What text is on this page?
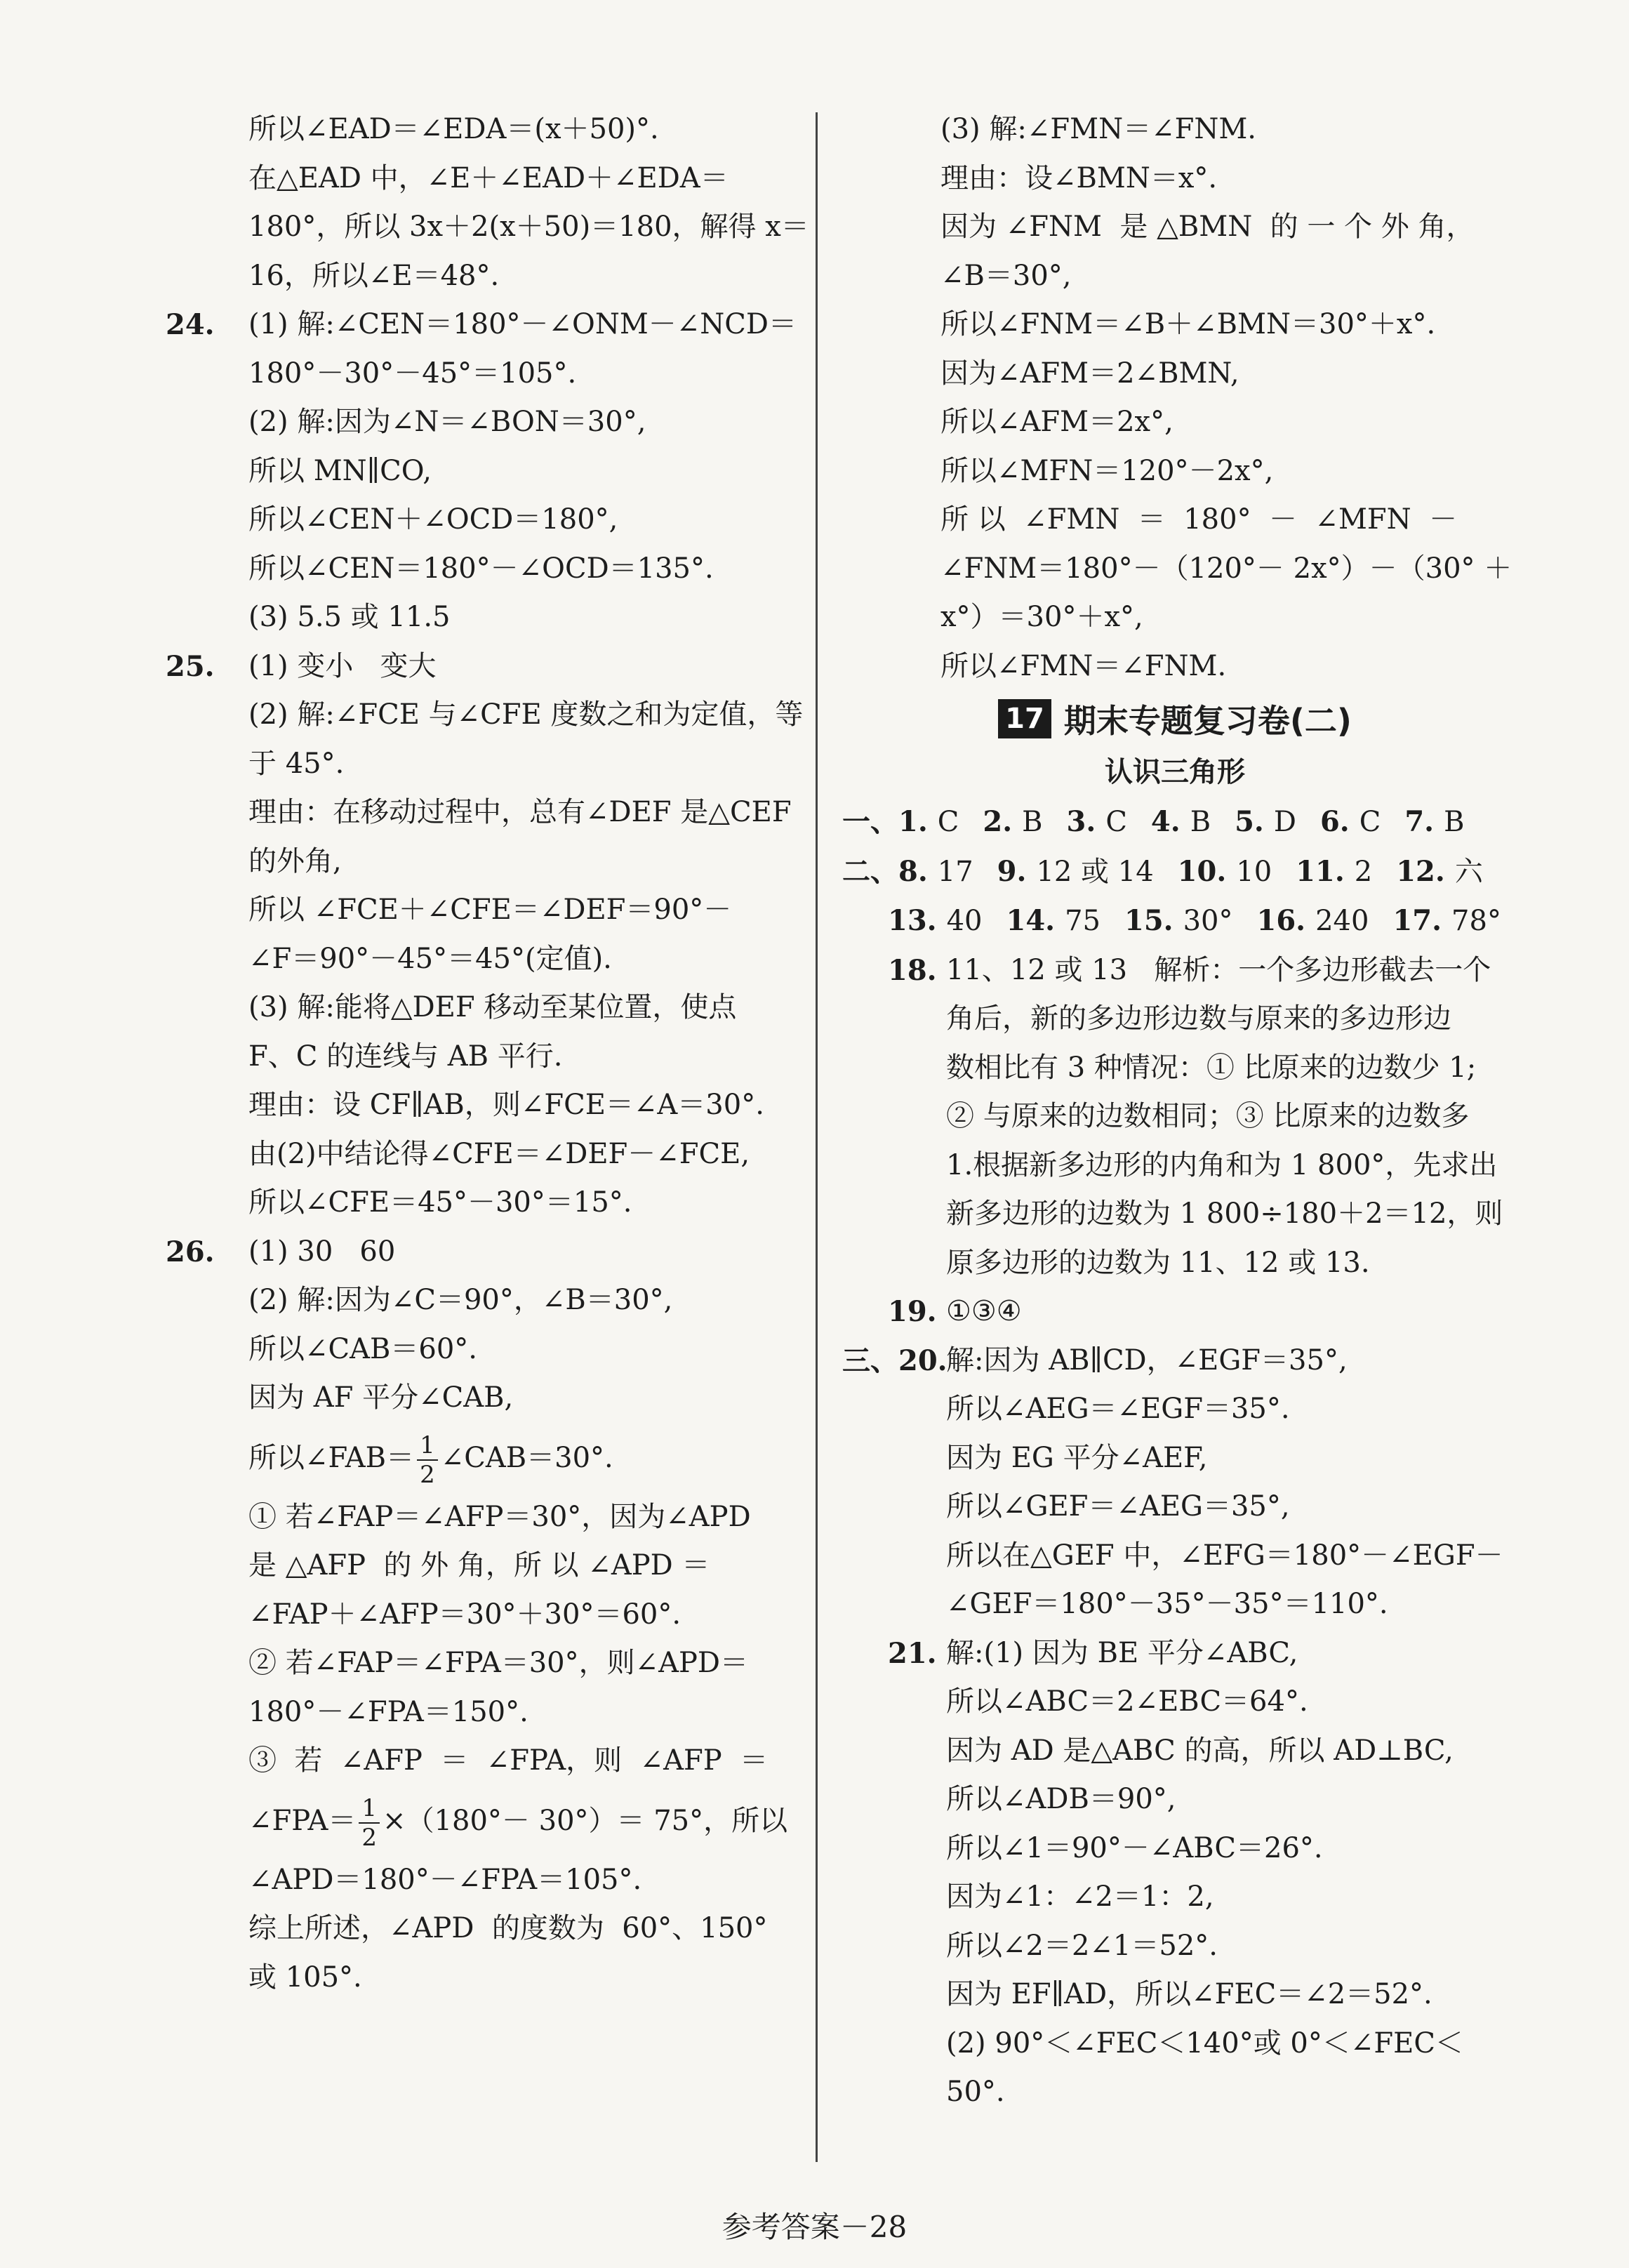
所以∠EAD＝∠EDA＝(x＋50)°.
在△EAD 中，∠E＋∠EAD＋∠EDA＝
180°，所以 3x＋2(x＋50)＝180，解得 x＝
16，所以∠E＝48°.
24. (1) 解:∠CEN＝180°－∠ONM－∠NCD＝
180°－30°－45°＝105°.
(2) 解:因为∠N＝∠BON＝30°,
所以 MN∥CO,
所以∠CEN＋∠OCD＝180°,
所以∠CEN＝180°－∠OCD＝135°.
(3) 5.5 或 11.5
25. (1) 变小   变大
(2) 解:∠FCE 与∠CFE 度数之和为定值，等
于 45°.
理由：在移动过程中，总有∠DEF 是△CEF
的外角,
所以 ∠FCE＋∠CFE＝∠DEF＝90°－
∠F＝90°－45°＝45°(定值).
(3) 解:能将△DEF 移动至某位置，使点
F、C 的连线与 AB 平行.
理由：设 CF∥AB，则∠FCE＝∠A＝30°.
由(2)中结论得∠CFE＝∠DEF－∠FCE,
所以∠CFE＝45°－30°＝15°.
26. (1) 30   60
(2) 解:因为∠C＝90°，∠B＝30°,
所以∠CAB＝60°.
因为 AF 平分∠CAB,
所以∠FAB＝ $\frac{1}{2}$ ∠CAB＝30°.
① 若∠FAP＝∠AFP＝30°，因为∠APD
是 △AFP  的 外 角，所 以 ∠APD ＝
∠FAP＋∠AFP＝30°＋30°＝60°.
② 若∠FAP＝∠FPA＝30°，则∠APD＝
180°－∠FPA＝150°.
③  若  ∠AFP  ＝  ∠FPA，则  ∠AFP  ＝
∠FPA＝ $\frac{1}{2} \times(180^\circ- 30^\circ)= 75^\circ$，所以
∠APD＝180°－∠FPA＝105°.
综上所述，∠APD  的度数为  60°、150°
或 105°.
(3) 解:∠FMN＝∠FNM.
理由：设∠BMN＝x°.
因为 ∠FNM  是 △BMN  的 一 个 外 角，
∠B＝30°,
所以∠FNM＝∠B＋∠BMN＝30°＋x°.
因为∠AFM＝2∠BMN,
所以∠AFM＝2x°,
所以∠MFN＝120°－2x°,
所 以  ∠FMN  ＝  180°  －  ∠MFN  －
∠FNM＝180°－（120°－ 2x°）－（30° ＋
x°）＝30°＋x°,
所以∠FMN＝∠FNM.
17 期末专题复习卷(二)
认识三角形
一、1. C 2. B 3. C 4. B 5. D 6. C 7. B
二、8. 17 9. 12 或 14 10. 10 11. 2 12. 六
13. 40 14. 75 15. 30° 16. 240 17. 78°
18. 11、12 或 13   解析：一个多边形截去一个
角后，新的多边形边数与原来的多边形边
数相比有 3 种情况：① 比原来的边数少 1;
② 与原来的边数相同；③ 比原来的边数多
1.根据新多边形的内角和为 1 800°，先求出
新多边形的边数为 1 800÷180＋2＝12，则
原多边形的边数为 11、12 或 13.
19. ①③④
三、20.
解:因为 AB∥CD，∠EGF＝35°,
所以∠AEG＝∠EGF＝35°.
因为 EG 平分∠AEF,
所以∠GEF＝∠AEG＝35°,
所以在△GEF 中，∠EFG＝180°－∠EGF－
∠GEF＝180°－35°－35°＝110°.
21. 解:(1) 因为 BE 平分∠ABC,
所以∠ABC＝2∠EBC＝64°.
因为 AD 是△ABC 的高，所以 AD⊥BC,
所以∠ADB＝90°,
所以∠1＝90°－∠ABC＝26°.
因为∠1：∠2＝1：2,
所以∠2＝2∠1＝52°.
因为 EF∥AD，所以∠FEC＝∠2＝52°.
(2) 90°＜∠FEC＜140°或 0°＜∠FEC＜
50°.
参考答案－28
